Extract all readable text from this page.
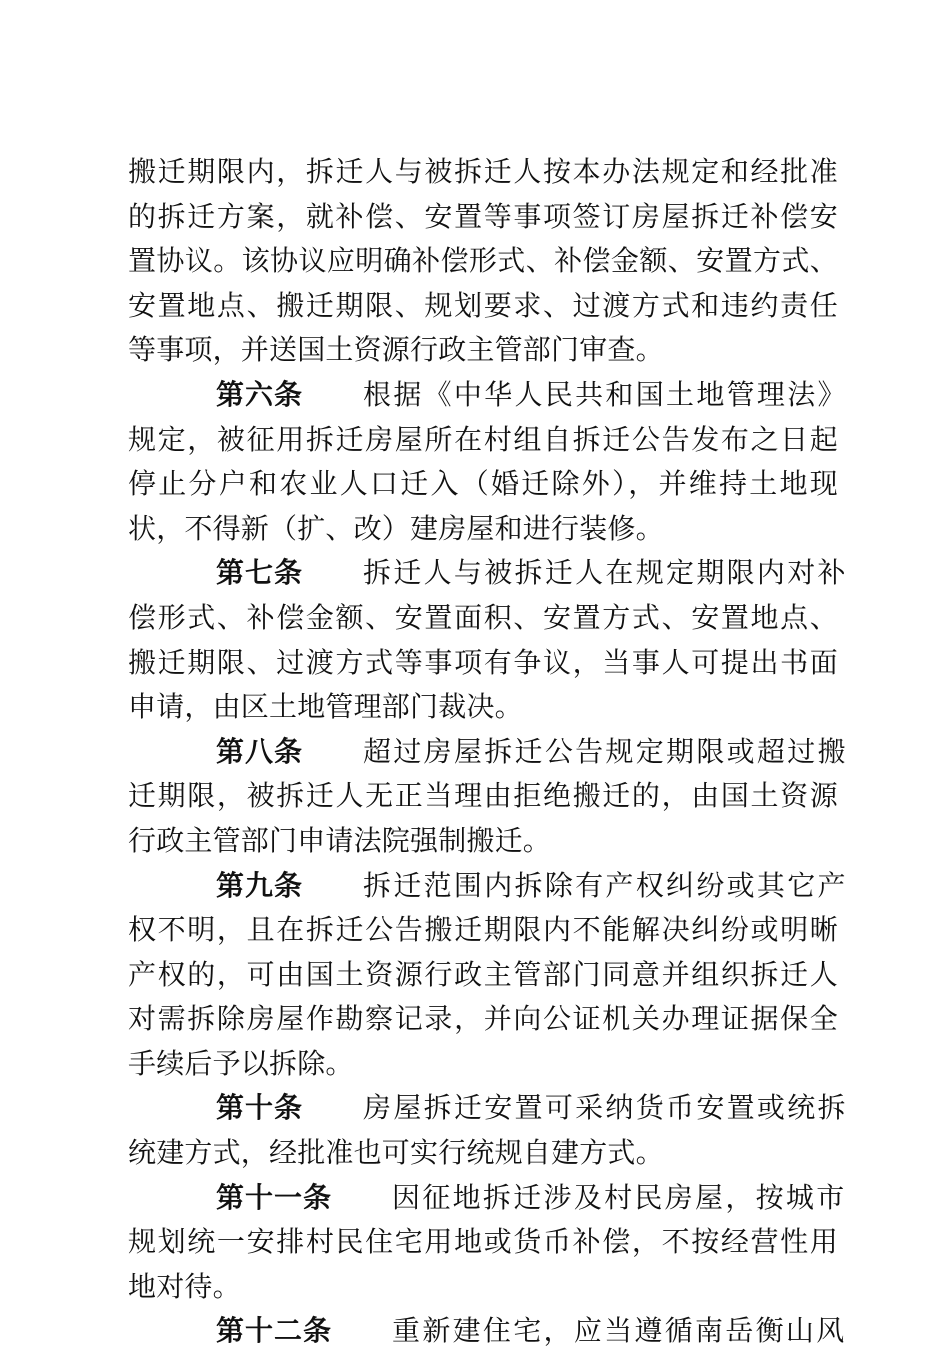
搬迁期限内，拆迁人与被拆迁人按本办法规定和经批准
的拆迁方案，就补偿、安置等事项签订房屋拆迁补偿安
置协议。该协议应明确补偿形式、补偿金额、安置方式、
安置地点、搬迁期限、规划要求、过渡方式和违约责任
等事项，并送国土资源行政主管部门审查。
第六条 根据《中华人民共和国土地管理法》
规定，被征用拆迁房屋所在村组自拆迁公告发布之日起
停止分户和农业人口迁入（婚迁除外），并维持土地现
状，不得新（扩、改）建房屋和进行装修。
第七条 拆迁人与被拆迁人在规定期限内对补
偿形式、补偿金额、安置面积、安置方式、安置地点、
搬迁期限、过渡方式等事项有争议，当事人可提出书面
申请，由区土地管理部门裁决。
第八条 超过房屋拆迁公告规定期限或超过搬
迁期限，被拆迁人无正当理由拒绝搬迁的，由国土资源
行政主管部门申请法院强制搬迁。
第九条 拆迁范围内拆除有产权纠纷或其它产
权不明，且在拆迁公告搬迁期限内不能解决纠纷或明晰
产权的，可由国土资源行政主管部门同意并组织拆迁人
对需拆除房屋作勘察记录，并向公证机关办理证据保全
手续后予以拆除。
第十条 房屋拆迁安置可采纳货币安置或统拆
统建方式，经批准也可实行统规自建方式。
第十一条 因征地拆迁涉及村民房屋，按城市
规划统一安排村民住宅用地或货币补偿，不按经营性用
地对待。
第十二条 重新建住宅，应当遵循南岳衡山风
